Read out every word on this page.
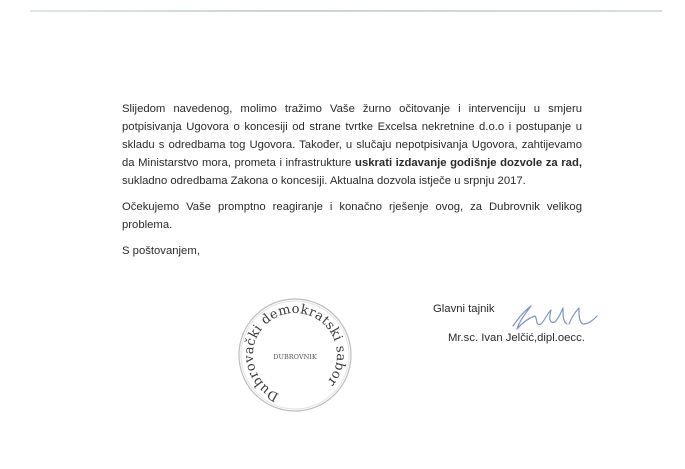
Slijedom navedenog, molimo tražimo Vaše žurno očitovanje i intervenciju u smjeru potpisivanja Ugovora o koncesiji od strane tvrtke Excelsa nekretnine d.o.o i postupanje u skladu s odredbama tog Ugovora. Također, u slučaju nepotpisivanja Ugovora, zahtijevamo da Ministarstvo mora, prometa i infrastrukture uskrati izdavanje godišnje dozvole za rad, sukladno odredbama Zakona o koncesiji. Aktualna dozvola istječe u srpnju 2017.

Očekujemo Vaše promptno reagiranje i konačno rješenje ovog, za Dubrovnik velikog problema.

S poštovanjem,

Dubrovački demokratski sabor
DUBROVNIK
Glavni tajnik
Mr.sc. Ivan Jelčić,dipl.oecc.
